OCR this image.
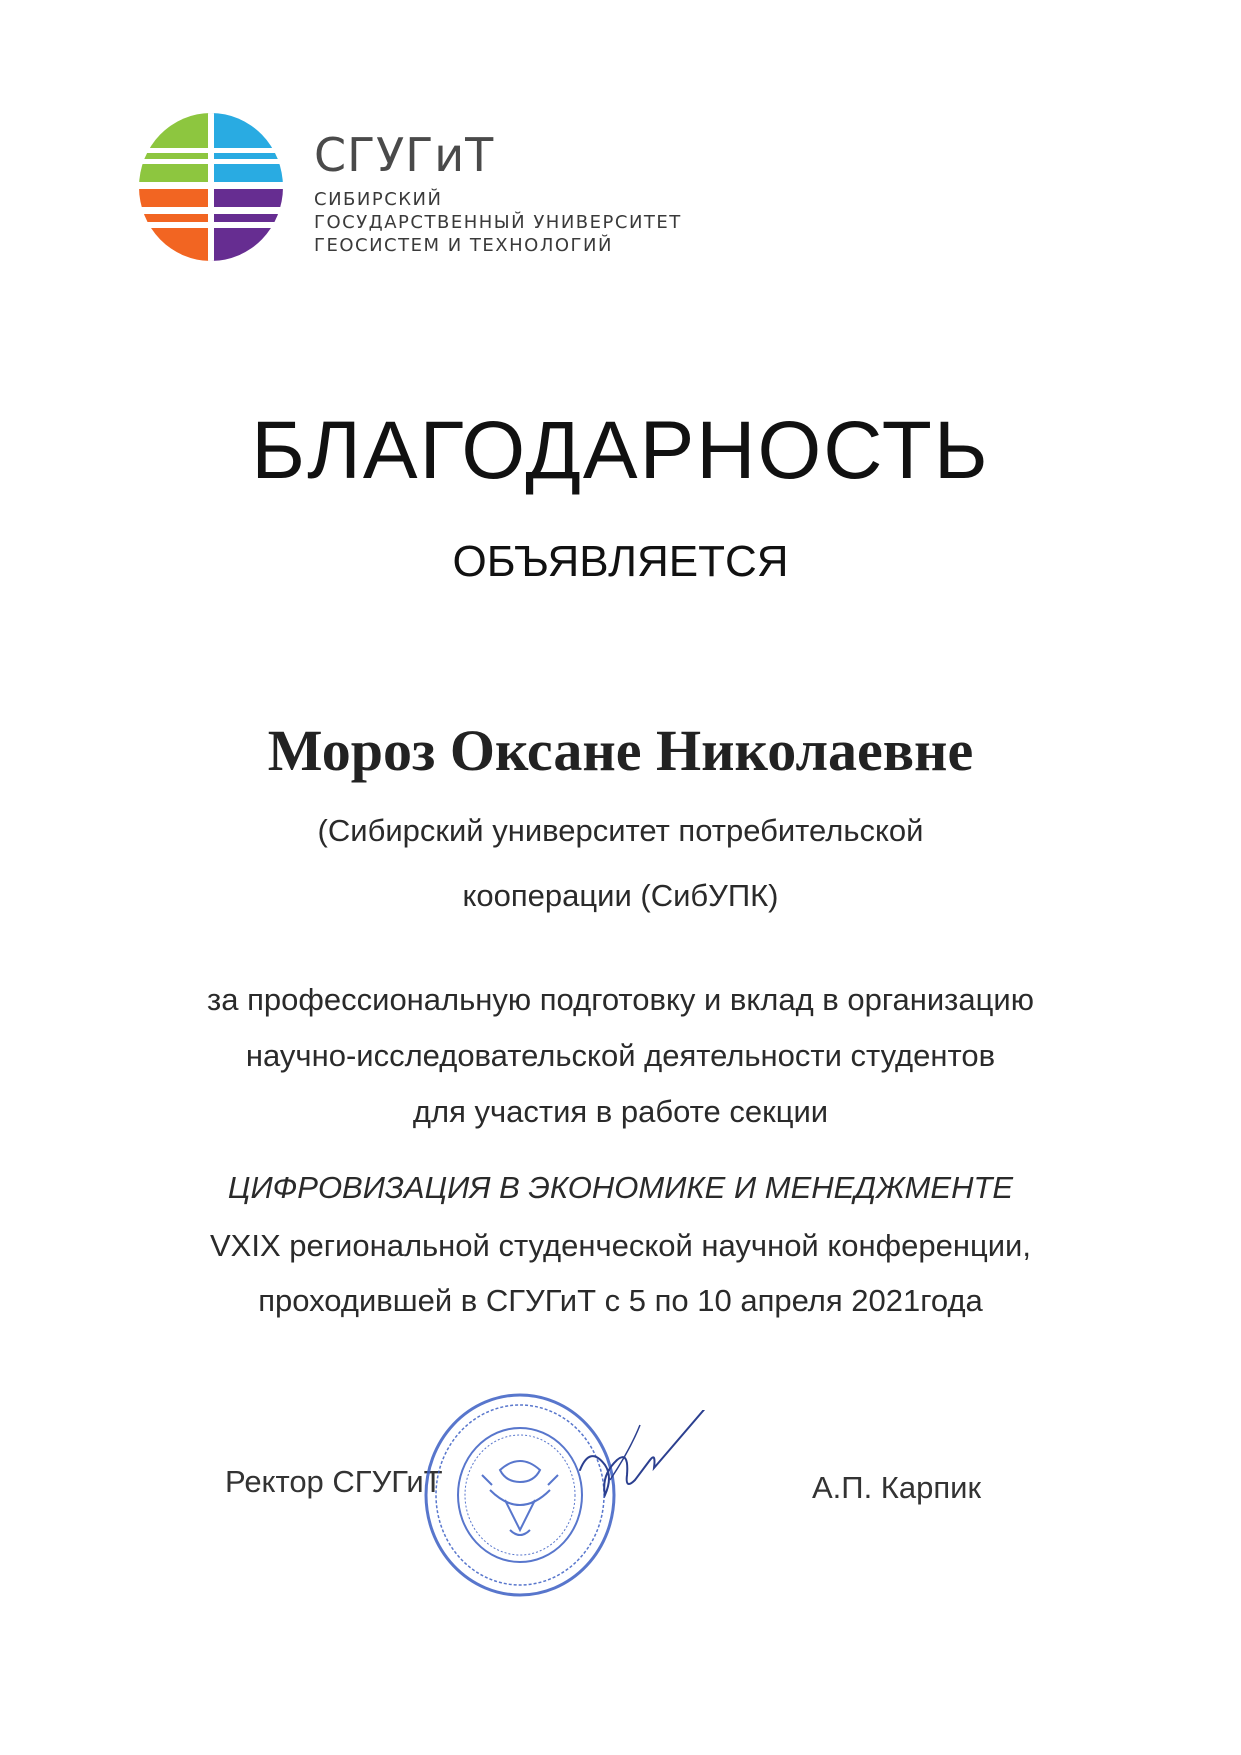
СГУГиТ
СИБИРСКИЙ
ГОСУДАРСТВЕННЫЙ УНИВЕРСИТЕТ
ГЕОСИСТЕМ И ТЕХНОЛОГИЙ
БЛАГОДАРНОСТЬ
ОБЪЯВЛЯЕТСЯ
Мороз Оксане Николаевне
(Сибирский университет потребительской
кооперации (СибУПК)
за профессиональную подготовку и вклад в организацию
научно-исследовательской деятельности студентов
для участия в работе секции
ЦИФРОВИЗАЦИЯ В ЭКОНОМИКЕ И МЕНЕДЖМЕНТЕ
VXIX региональной студенческой научной конференции,
проходившей в СГУГиТ с 5 по 10 апреля 2021года
Ректор СГУГиТ	А.П. Карпик
